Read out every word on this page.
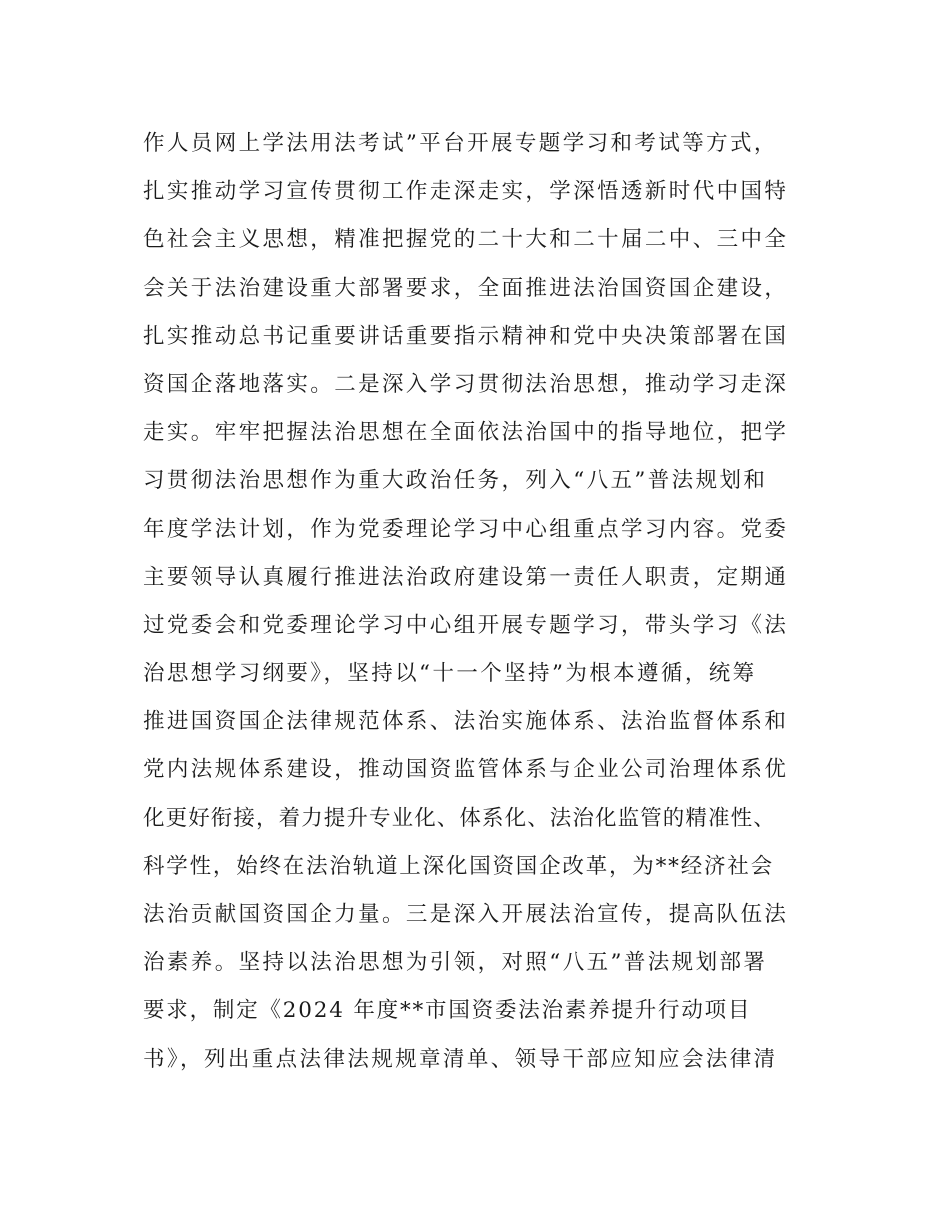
作人员网上学法用法考试”平台开展专题学习和考试等方式，
扎实推动学习宣传贯彻工作走深走实，学深悟透新时代中国特
色社会主义思想，精准把握党的二十大和二十届二中、三中全
会关于法治建设重大部署要求，全面推进法治国资国企建设，
扎实推动总书记重要讲话重要指示精神和党中央决策部署在国
资国企落地落实。二是深入学习贯彻法治思想，推动学习走深
走实。牢牢把握法治思想在全面依法治国中的指导地位，把学
习贯彻法治思想作为重大政治任务，列入“八五”普法规划和
年度学法计划，作为党委理论学习中心组重点学习内容。党委
主要领导认真履行推进法治政府建设第一责任人职责，定期通
过党委会和党委理论学习中心组开展专题学习，带头学习《法
治思想学习纲要》，坚持以“十一个坚持”为根本遵循，统筹
推进国资国企法律规范体系、法治实施体系、法治监督体系和
党内法规体系建设，推动国资监管体系与企业公司治理体系优
化更好衔接，着力提升专业化、体系化、法治化监管的精准性、
科学性，始终在法治轨道上深化国资国企改革，为**经济社会
法治贡献国资国企力量。三是深入开展法治宣传，提高队伍法
治素养。坚持以法治思想为引领，对照“八五”普法规划部署
要求，制定《2024 年度**市国资委法治素养提升行动项目
书》，列出重点法律法规规章清单、领导干部应知应会法律清
